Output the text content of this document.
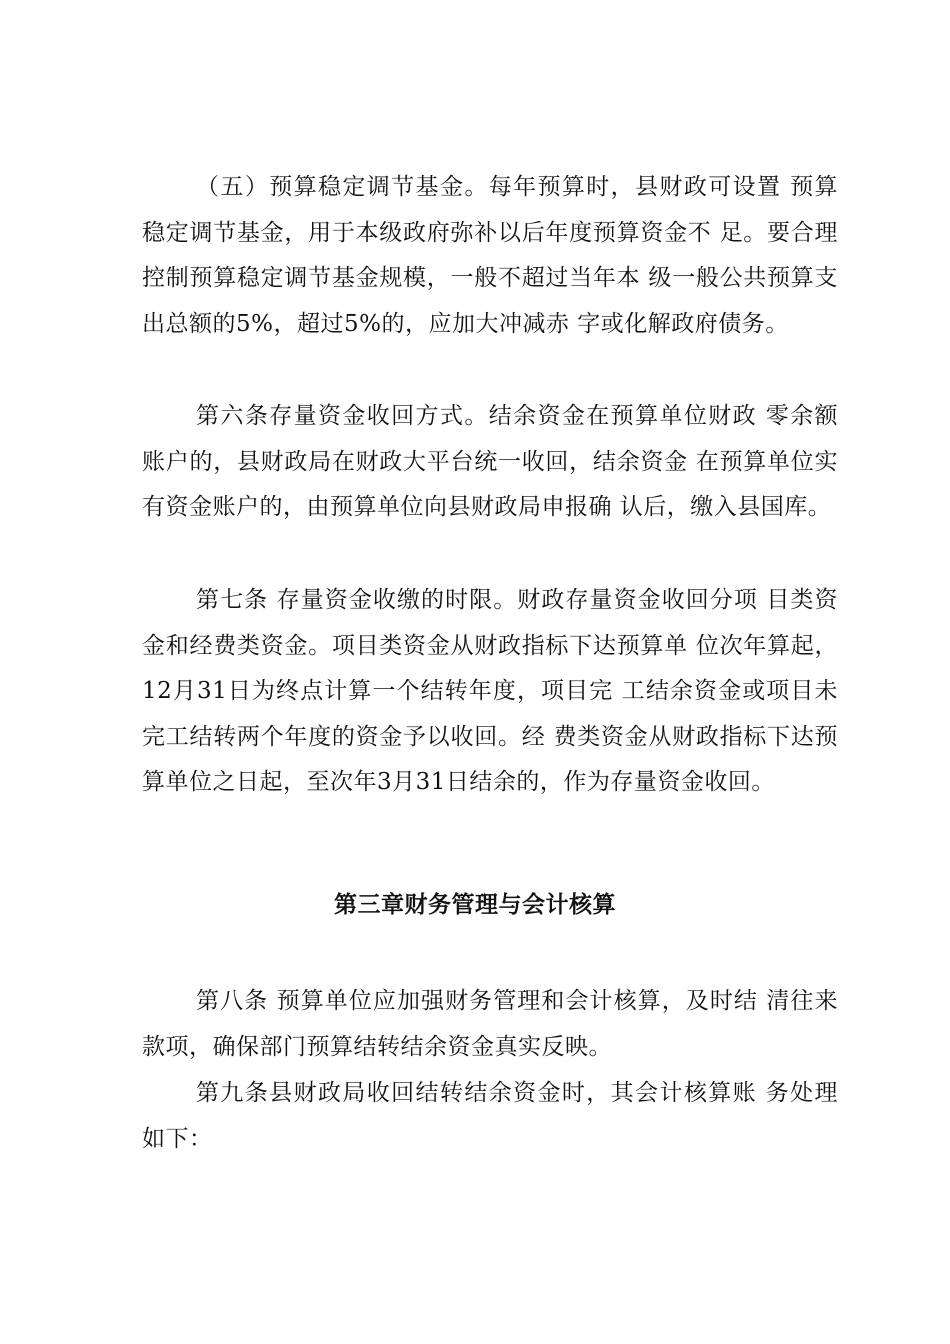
（五）预算稳定调节基金。每年预算时，县财政可设置 预算稳定调节基金，用于本级政府弥补以后年度预算资金不 足。要合理控制预算稳定调节基金规模，一般不超过当年本 级一般公共预算支出总额的5%，超过5%的，应加大冲减赤 字或化解政府债务。

第六条存量资金收回方式。结余资金在预算单位财政 零余额账户的，县财政局在财政大平台统一收回，结余资金 在预算单位实有资金账户的，由预算单位向县财政局申报确 认后，缴入县国库。

第七条 存量资金收缴的时限。财政存量资金收回分项 目类资金和经费类资金。项目类资金从财政指标下达预算单 位次年算起，12月31日为终点计算一个结转年度，项目完 工结余资金或项目未完工结转两个年度的资金予以收回。经 费类资金从财政指标下达预算单位之日起，至次年3月31日结余的，作为存量资金收回。

第三章财务管理与会计核算

第八条 预算单位应加强财务管理和会计核算，及时结 清往来款项，确保部门预算结转结余资金真实反映。

第九条县财政局收回结转结余资金时，其会计核算账 务处理如下：
